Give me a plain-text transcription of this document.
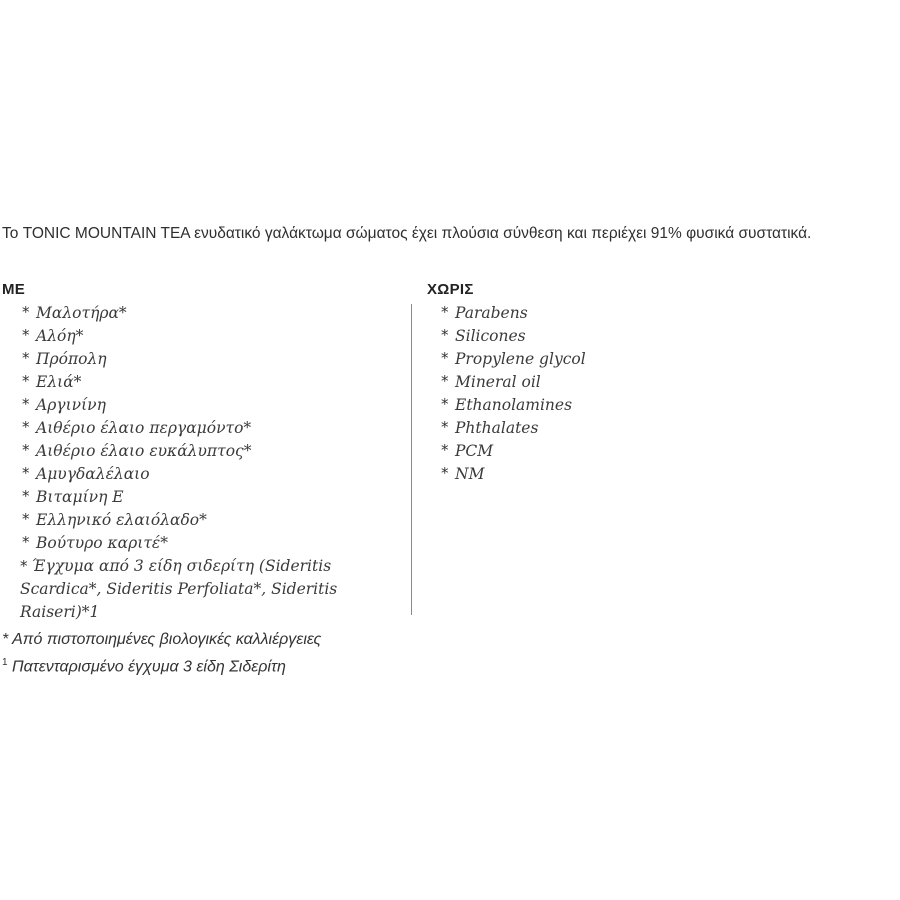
Το TONIC MOUNTAIN TEA ενυδατικό γαλάκτωμα σώματος έχει πλούσια σύνθεση και περιέχει 91% φυσικά συστατικά.

ΜΕ	ΧΩΡΙΣ
* Μαλοτήρα*
* Αλόη*
* Πρόπολη
* Ελιά*
* Αργινίνη
* Αιθέριο έλαιο περγαμόντο*
* Αιθέριο έλαιο ευκάλυπτος*
* Αμυγδαλέλαιο
* Βιταμίνη Ε
* Ελληνικό ελαιόλαδο*
* Βούτυρο καριτέ*
* Έγχυμα από 3 είδη σιδερίτη (Sideritis Scardica*, Sideritis Perfoliata*, Sideritis Raiseri)*1
* Parabens
* Silicones
* Propylene glycol
* Mineral oil
* Ethanolamines
* Phthalates
* PCM
* NM
* Από πιστοποιημένες βιολογικές καλλιέργειες
$^1$ Πατενταρισμένο έγχυμα 3 είδη Σιδερίτη
